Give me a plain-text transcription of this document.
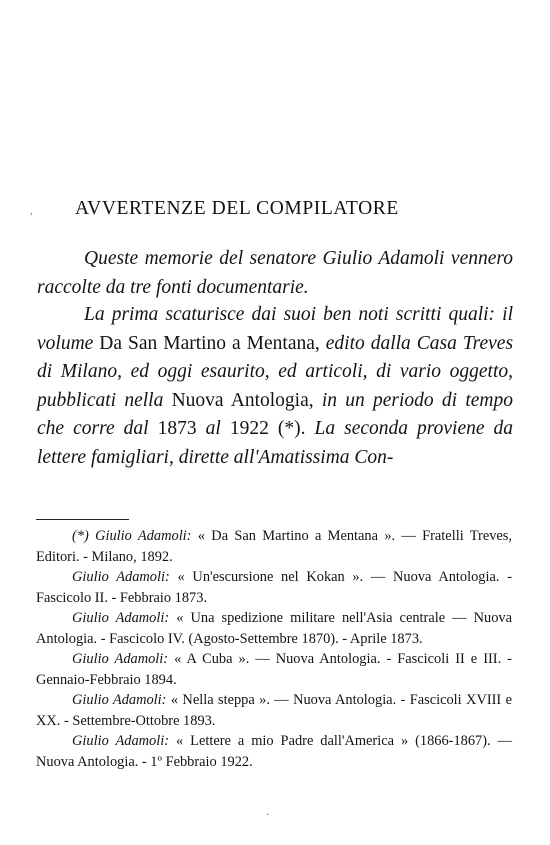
, AVVERTENZE DEL COMPILATORE

Queste memorie del senatore Giulio Adamoli vennero raccolte da tre fonti documentarie.

La prima scaturisce dai suoi ben noti scritti quali: il volume Da San Martino a Mentana, edito dalla Casa Treves di Milano, ed oggi esaurito, ed articoli, di vario oggetto, pubblicati nella Nuova Antologia, in un periodo di tempo che corre dal 1873 al 1922 (*). La seconda proviene da lettere famigliari, dirette all'Amatissima Con-

(*) Giulio Adamoli: « Da San Martino a Mentana ». — Fratelli Treves, Editori. - Milano, 1892.

Giulio Adamoli: « Un'escursione nel Kokan ». — Nuova Antologia. - Fascicolo II. - Febbraio 1873.

Giulio Adamoli: « Una spedizione militare nell'Asia centrale — Nuova Antologia. - Fascicolo IV. (Agosto-Settembre 1870). - Aprile 1873.

Giulio Adamoli: « A Cuba ». — Nuova Antologia. - Fascicoli II e III. - Gennaio-Febbraio 1894.

Giulio Adamoli: « Nella steppa ». — Nuova Antologia. - Fascicoli XVIII e XX. - Settembre-Ottobre 1893.

Giulio Adamoli: « Lettere a mio Padre dall'America » (1866-1867). — Nuova Antologia. - 1º Febbraio 1922.

·
